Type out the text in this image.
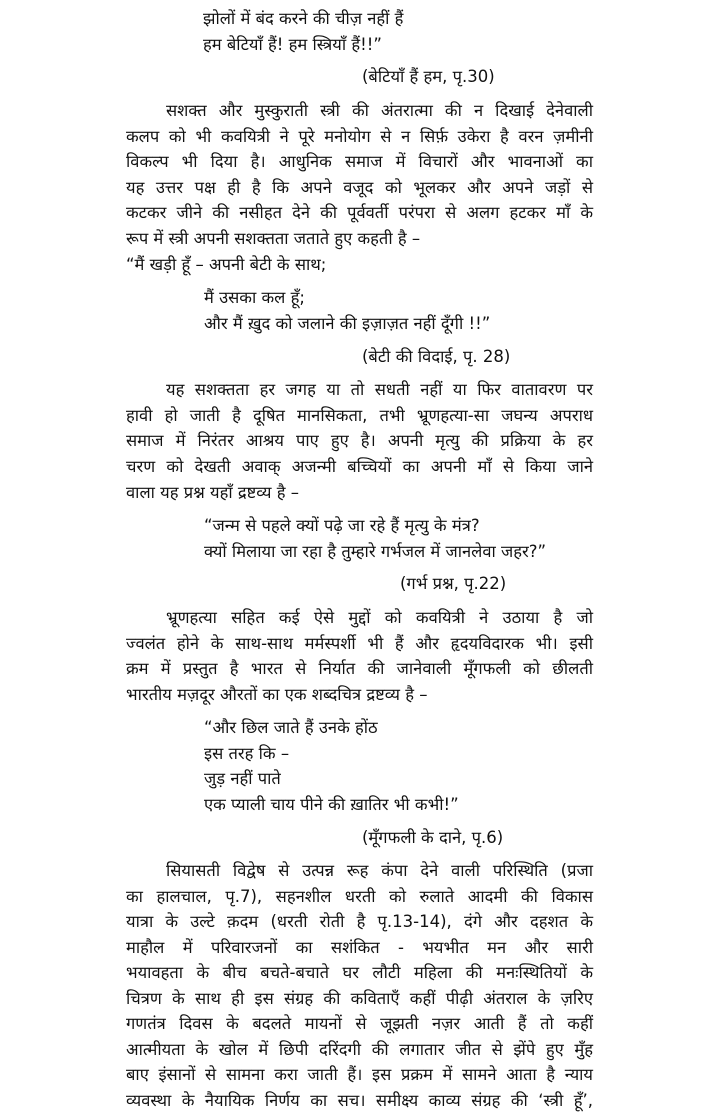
झोलों में बंद करने की चीज़ नहीं हैं

हम बेटियाँ हैं! हम स्त्रियाँ हैं!!”

(बेटियाँ हैं हम, पृ.30)

सशक्त और मुस्कुराती स्त्री की अंतरात्मा की न दिखाई देनेवाली

कलप को भी कवयित्री ने पूरे मनोयोग से न सिर्फ़ उकेरा है वरन ज़मीनी

विकल्प भी दिया है। आधुनिक समाज में विचारों और भावनाओं का

यह उत्तर पक्ष ही है कि अपने वजूद को भूलकर और अपने जड़ों से

कटकर जीने की नसीहत देने की पूर्ववर्ती परंपरा से अलग हटकर माँ के

रूप में स्त्री अपनी सशक्तता जताते हुए कहती है –

“मैं खड़ी हूँ – अपनी बेटी के साथ;

मैं उसका कल हूँ;

और मैं ख़ुद को जलाने की इज़ाज़त नहीं दूँगी !!”

(बेटी की विदाई, पृ. 28)

यह सशक्तता हर जगह या तो सधती नहीं या फिर वातावरण पर

हावी हो जाती है दूषित मानसिकता, तभी भ्रूणहत्या-सा जघन्य अपराध

समाज में निरंतर आश्रय पाए हुए है। अपनी मृत्यु की प्रक्रिया के हर

चरण को देखती अवाक् अजन्मी बच्चियों का अपनी माँ से किया जाने

वाला यह प्रश्न यहाँ द्रष्टव्य है –

“जन्म से पहले क्यों पढ़े जा रहे हैं मृत्यु के मंत्र?

क्यों मिलाया जा रहा है तुम्हारे गर्भजल में जानलेवा जहर?”

(गर्भ प्रश्न, पृ.22)

भ्रूणहत्या सहित कई ऐसे मुद्दों को कवयित्री ने उठाया है जो

ज्वलंत होने के साथ-साथ मर्मस्पर्शी भी हैं और हृदयविदारक भी। इसी

क्रम में प्रस्तुत है भारत से निर्यात की जानेवाली मूँगफली को छीलती

भारतीय मज़दूर औरतों का एक शब्दचित्र द्रष्टव्य है –

“और छिल जाते हैं उनके होंठ

इस तरह कि –

जुड़ नहीं पाते

एक प्याली चाय पीने की ख़ातिर भी कभी!”

(मूँगफली के दाने, पृ.6)

सियासती विद्वेष से उत्पन्न रूह कंपा देने वाली परिस्थिति (प्रजा

का हालचाल, पृ.7), सहनशील धरती को रुलाते आदमी की विकास

यात्रा के उल्टे क़दम (धरती रोती है पृ.13-14), दंगे और दहशत के

माहौल में परिवारजनों का सशंकित - भयभीत मन और सारी

भयावहता के बीच बचते-बचाते घर लौटी महिला की मनःस्थितियों के

चित्रण के साथ ही इस संग्रह की कविताएँ कहीं पीढ़ी अंतराल के ज़रिए

गणतंत्र दिवस के बदलते मायनों से जूझती नज़र आती हैं तो कहीं

आत्मीयता के खोल में छिपी दरिंदगी की लगातार जीत से झेंपे हुए मुँह

बाए इंसानों से सामना करा जाती हैं। इस प्रक्रम में सामने आता है न्याय

व्यवस्था के नैयायिक निर्णय का सच। समीक्ष्य काव्य संग्रह की ‘स्त्री हूँ’,
